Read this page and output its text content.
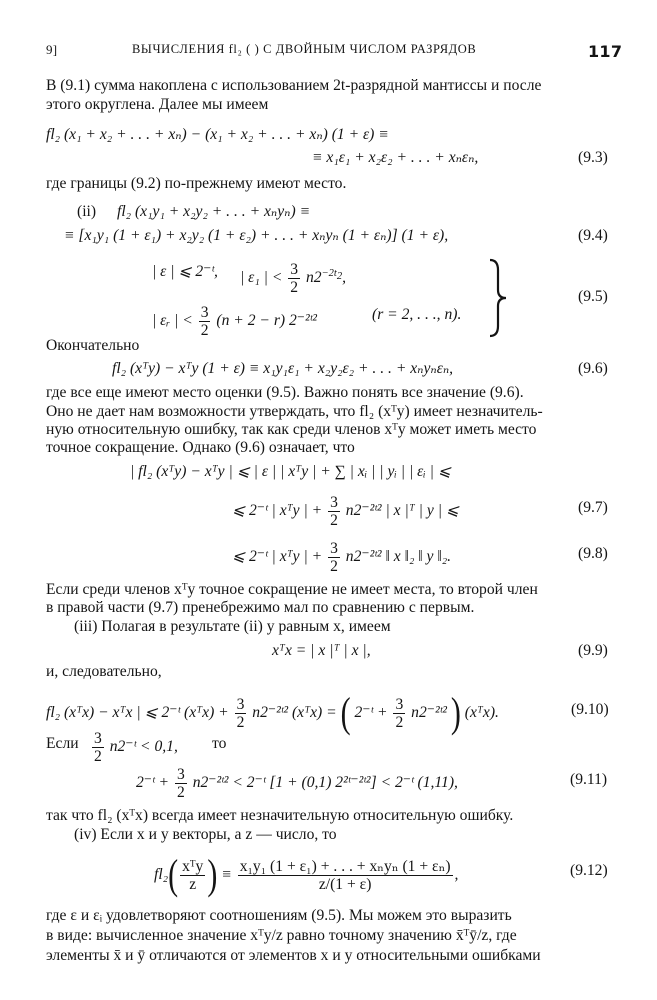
9]	ВЫЧИСЛЕНИЯ fl₂ ( ) С ДВОЙНЫМ ЧИСЛОМ РАЗРЯДОВ	117
В (9.1) сумма накоплена с использованием 2t-разрядной мантиссы и после
этого округлена. Далее мы имеем
fl₂ (x₁ + x₂ + . . . + xₙ) − (x₁ + x₂ + . . . + xₙ) (1 + ε) ≡
≡ x₁ε₁ + x₂ε₂ + . . . + xₙεₙ,	(9.3)
где границы (9.2) по-прежнему имеют место.
(ii) fl₂ (x₁y₁ + x₂y₂ + . . . + xₙyₙ) ≡
≡ [x₁y₁ (1 + ε₁) + x₂y₂ (1 + ε₂) + . . . + xₙyₙ (1 + εₙ)] (1 + ε),	(9.4)
| ε | ⩽ 2⁻ᵗ, | ε₁ | < $\frac{3}{2} n2^{-2t_2}$,
| εᵣ | < $\frac{3}{2} (n + 2 - r)$ 2⁻²ᵗ²	(r = 2, . . ., n).
(9.5)
Окончательно
fl₂ (xᵀy) − xᵀy (1 + ε) ≡ x₁y₁ε₁ + x₂y₂ε₂ + . . . + xₙyₙεₙ,	(9.6)
где все еще имеют место оценки (9.5). Важно понять все значение (9.6).
Оно не дает нам возможности утверждать, что fl₂ (xᵀy) имеет незначитель-
ную относительную ошибку, так как среди членов xᵀy может иметь место
точное сокращение. Однако (9.6) означает, что
| fl₂ (xᵀy) − xᵀy | ⩽ | ε | | xᵀy | + ∑ | xᵢ | | yᵢ | | εᵢ | ⩽
⩽ 2⁻ᵗ | xᵀy | + $\frac{3}{2}$ n2⁻²ᵗ² | x |ᵀ | y | ⩽	(9.7)
⩽ 2⁻ᵗ | xᵀy | + $\frac{3}{2}$ n2⁻²ᵗ² ‖ x ‖₂ ‖ y ‖₂.	(9.8)
Если среди членов xᵀy точное сокращение не имеет места, то второй член
в правой части (9.7) пренебрежимо мал по сравнению с первым.
(iii) Полагая в результате (ii) y равным x, имеем
xᵀx = | x |ᵀ | x |,	(9.9)
и, следовательно,
fl₂ (xᵀx) − xᵀx | ⩽ 2⁻ᵗ (xᵀx) + $\frac{3}{2}$ n2⁻²ᵗ² (xᵀx) = ( 2⁻ᵗ + $\frac{3}{2}$ n2⁻²ᵗ² ) (xᵀx).	(9.10)
Если $\frac{3}{2}$ n2⁻ᵗ < 0,1, то
2⁻ᵗ + $\frac{3}{2}$ n2⁻²ᵗ² < 2⁻ᵗ [1 + (0,1) 2²ᵗ⁻²ᵗ²] < 2⁻ᵗ (1,11),	(9.11)
так что fl₂ (xᵀx) всегда имеет незначительную относительную ошибку.
(iv) Если x и y векторы, а z — число, то
$fl_2( \frac{\text{xᵀy}}{z}$ ) ≡ $\frac{\text{x₁y₁ (1 + ε₁) + . . . + xₙyₙ (1 + εₙ)}}{z/(1 + \varepsilon)}$ ,	(9.12)
где ε и εᵢ удовлетворяют соотношениям (9.5). Мы можем это выразить
в виде: вычисленное значение xᵀy/z равно точному значению x̄ᵀȳ/z, где
элементы x̄ и ȳ отличаются от элементов x и y относительными ошибками
